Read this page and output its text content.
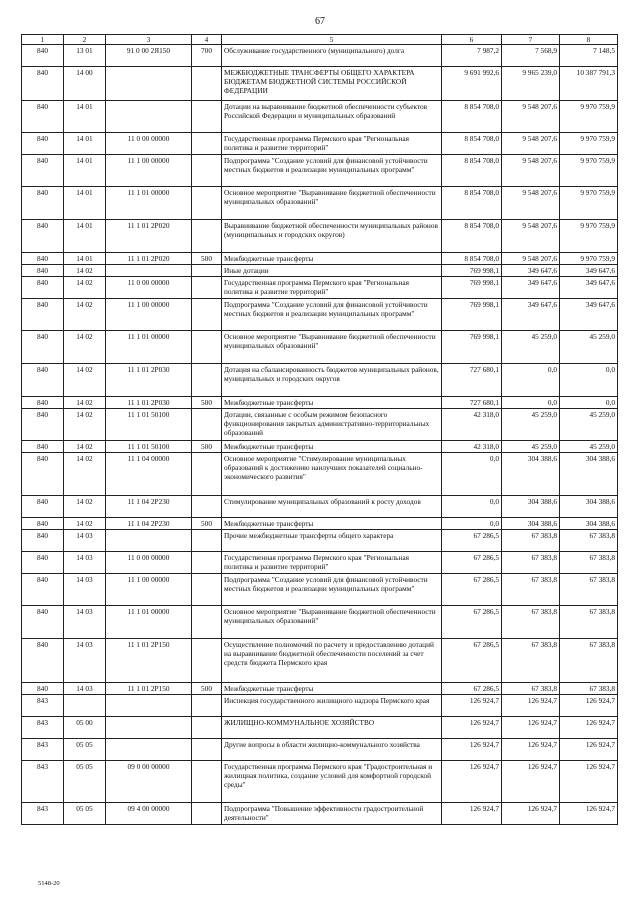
67
1	2	3	4	5	6	7	8
840	13 01	91 0 00 2Я150	700	Обслуживание государственного (муниципального) долга	7 987,2	7 568,9	7 148,5
840	14 00			МЕЖБЮДЖЕТНЫЕ ТРАНСФЕРТЫ ОБЩЕГО ХАРАКТЕРА БЮДЖЕТАМ БЮДЖЕТНОЙ СИСТЕМЫ РОССИЙСКОЙ ФЕДЕРАЦИИ	9 691 992,6	9 965 239,0	10 387 791,3
840	14 01			Дотации на выравнивание бюджетной обеспеченности субъектов Российской Федерации и муниципальных образований	8 854 708,0	9 548 207,6	9 970 759,9
840	14 01	11 0 00 00000		Государственная программа Пермского края "Региональная политика и развитие территорий"	8 854 708,0	9 548 207,6	9 970 759,9
840	14 01	11 1 00 00000		Подпрограмма "Создание условий для финансовой устойчивости местных бюджетов и реализации муниципальных программ"	8 854 708,0	9 548 207,6	9 970 759,9
840	14 01	11 1 01 00000		Основное мероприятие "Выравнивание бюджетной обеспеченности муниципальных образований"	8 854 708,0	9 548 207,6	9 970 759,9
840	14 01	11 1 01 2Р020		Выравнивание бюджетной обеспеченности муниципальных районов (муниципальных и городских округов)	8 854 708,0	9 548 207,6	9 970 759,9
840	14 01	11 1 01 2Р020	500	Межбюджетные трансферты	8 854 708,0	9 548 207,6	9 970 759,9
840	14 02			Иные дотации	769 998,1	349 647,6	349 647,6
840	14 02	11 0 00 00000		Государственная программа Пермского края "Региональная политика и развитие территорий"	769 998,1	349 647,6	349 647,6
840	14 02	11 1 00 00000		Подпрограмма "Создание условий для финансовой устойчивости местных бюджетов и реализации муниципальных программ"	769 998,1	349 647,6	349 647,6
840	14 02	11 1 01 00000		Основное мероприятие "Выравнивание бюджетной обеспеченности муниципальных образований"	769 998,1	45 259,0	45 259,0
840	14 02	11 1 01 2Р030		Дотация на сбалансированность бюджетов муниципальных районов, муниципальных и городских округов	727 680,1	0,0	0,0
840	14 02	11 1 01 2Р030	500	Межбюджетные трансферты	727 680,1	0,0	0,0
840	14 02	11 1 01 50100		Дотации, связанные с особым режимом безопасного функционирования закрытых административно-территориальных образований	42 318,0	45 259,0	45 259,0
840	14 02	11 1 01 50100	500	Межбюджетные трансферты	42 318,0	45 259,0	45 259,0
840	14 02	11 1 04 00000		Основное мероприятие "Стимулирование муниципальных образований к достижению наилучших показателей социально-экономического развития"	0,0	304 388,6	304 388,6
840	14 02	11 1 04 2Р230		Стимулирование муниципальных образований к росту доходов	0,0	304 388,6	304 388,6
840	14 02	11 1 04 2Р230	500	Межбюджетные трансферты	0,0	304 388,6	304 388,6
840	14 03			Прочие межбюджетные трансферты общего характера	67 286,5	67 383,8	67 383,8
840	14 03	11 0 00 00000		Государственная программа Пермского края "Региональная политика и развитие территорий"	67 286,5	67 383,8	67 383,8
840	14 03	11 1 00 00000		Подпрограмма "Создание условий для финансовой устойчивости местных бюджетов и реализации муниципальных программ"	67 286,5	67 383,8	67 383,8
840	14 03	11 1 01 00000		Основное мероприятие "Выравнивание бюджетной обеспеченности муниципальных образований"	67 286,5	67 383,8	67 383,8
840	14 03	11 1 01 2Р150		Осуществление полномочий по расчету и предоставлению дотаций на выравнивание бюджетной обеспеченности поселений за счет средств бюджета Пермского края	67 286,5	67 383,8	67 383,8
840	14 03	11 1 01 2Р150	500	Межбюджетные трансферты	67 286,5	67 383,8	67 383,8
843				Инспекция государственного жилищного надзора Пермского края	126 924,7	126 924,7	126 924,7
843	05 00			ЖИЛИЩНО-КОММУНАЛЬНОЕ ХОЗЯЙСТВО	126 924,7	126 924,7	126 924,7
843	05 05			Другие вопросы в области жилищно-коммунального хозяйства	126 924,7	126 924,7	126 924,7
843	05 05	09 0 00 00000		Государственная программа Пермского края "Градостроительная и жилищная политика, создание условий для комфортной городской среды"	126 924,7	126 924,7	126 924,7
843	05 05	09 4 00 00000		Подпрограмма "Повышение эффективности градостроительной деятельности"	126 924,7	126 924,7	126 924,7
5148-20
